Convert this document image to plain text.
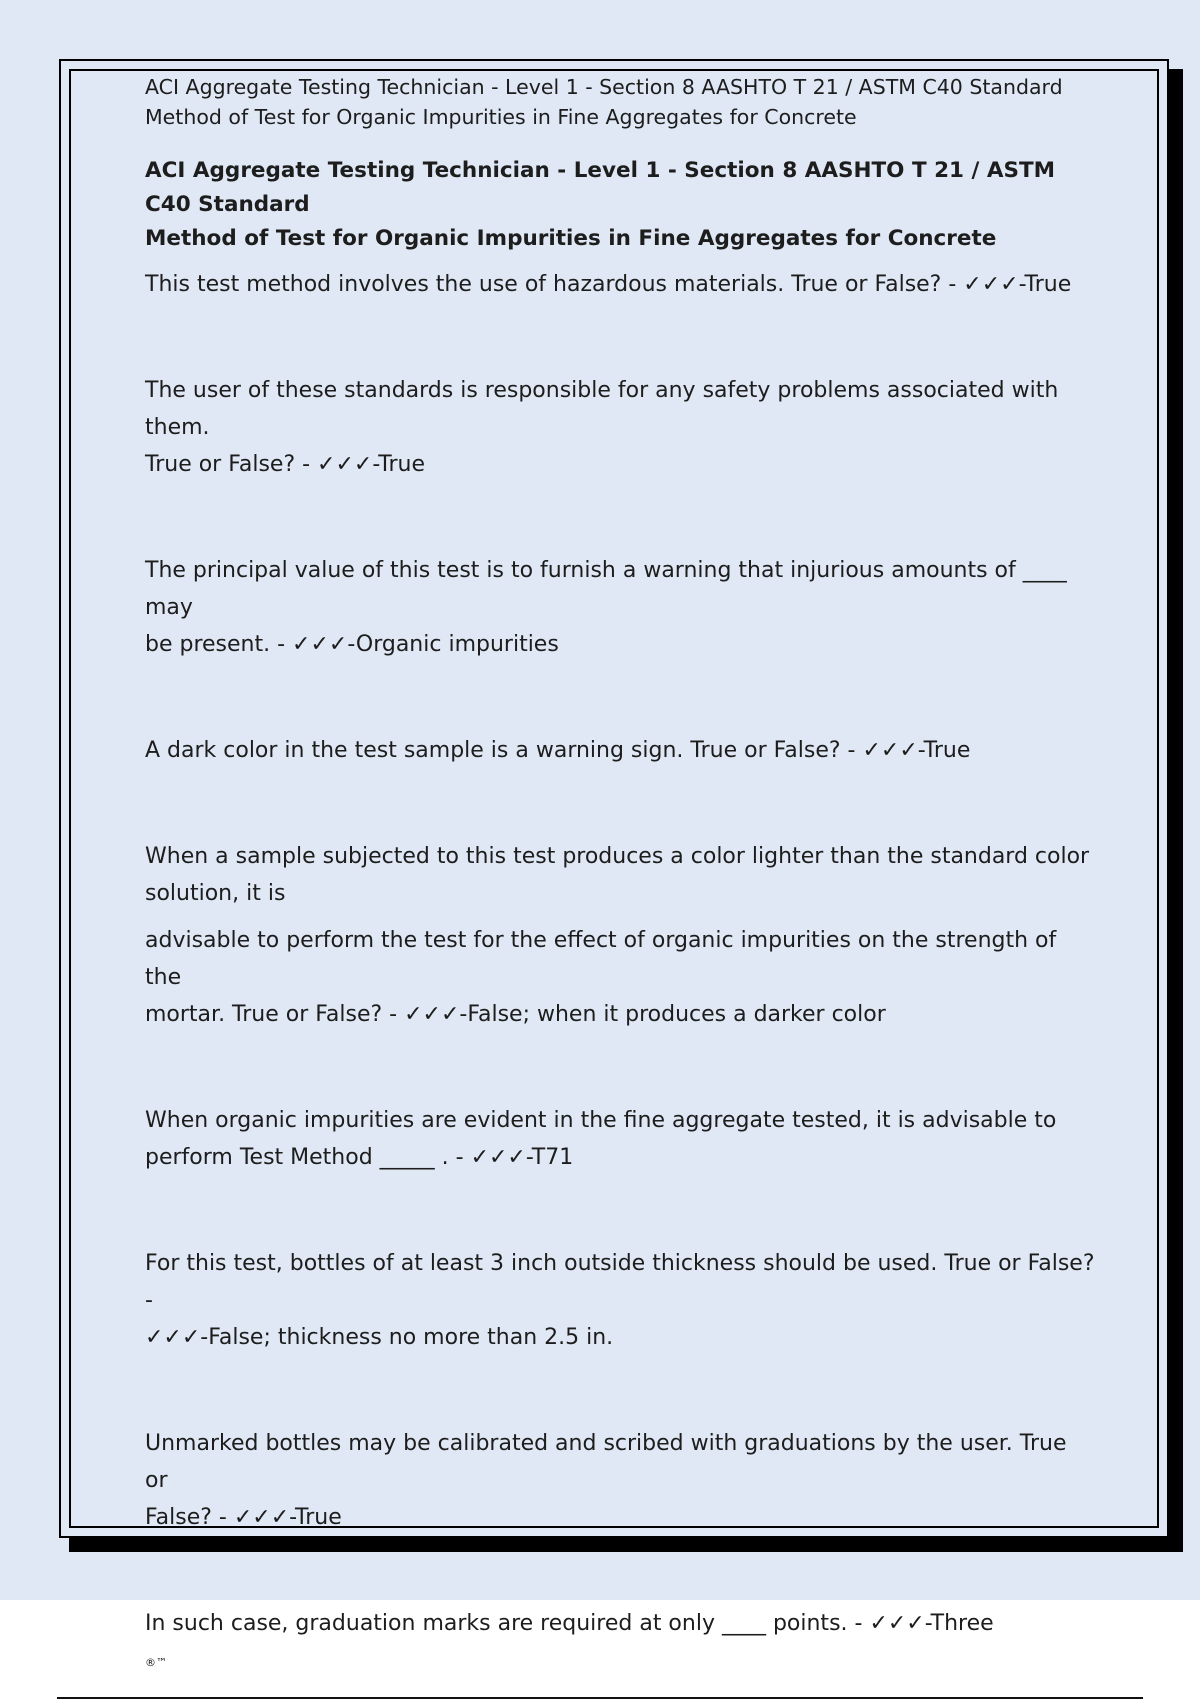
ACI Aggregate Testing Technician - Level 1 - Section 8 AASHTO T 21 / ASTM C40 Standard

Method of Test for Organic Impurities in Fine Aggregates for Concrete

ACI Aggregate Testing Technician - Level 1 - Section 8 AASHTO T 21 / ASTM C40 Standard
Method of Test for Organic Impurities in Fine Aggregates for Concrete

This test method involves the use of hazardous materials. True or False? - ✓✓✓-True

The user of these standards is responsible for any safety problems associated with them.
True or False? - ✓✓✓-True

The principal value of this test is to furnish a warning that injurious amounts of ____ may
be present. - ✓✓✓-Organic impurities

A dark color in the test sample is a warning sign. True or False? - ✓✓✓-True

When a sample subjected to this test produces a color lighter than the standard color
solution, it is

advisable to perform the test for the effect of organic impurities on the strength of the
mortar. True or False? - ✓✓✓-False; when it produces a darker color

When organic impurities are evident in the fine aggregate tested, it is advisable to
perform Test Method _____ . - ✓✓✓-T71

For this test, bottles of at least 3 inch outside thickness should be used. True or False? -
✓✓✓-False; thickness no more than 2.5 in.

Unmarked bottles may be calibrated and scribed with graduations by the user. True or
False? - ✓✓✓-True

In such case, graduation marks are required at only ____ points. - ✓✓✓-Three

®™
